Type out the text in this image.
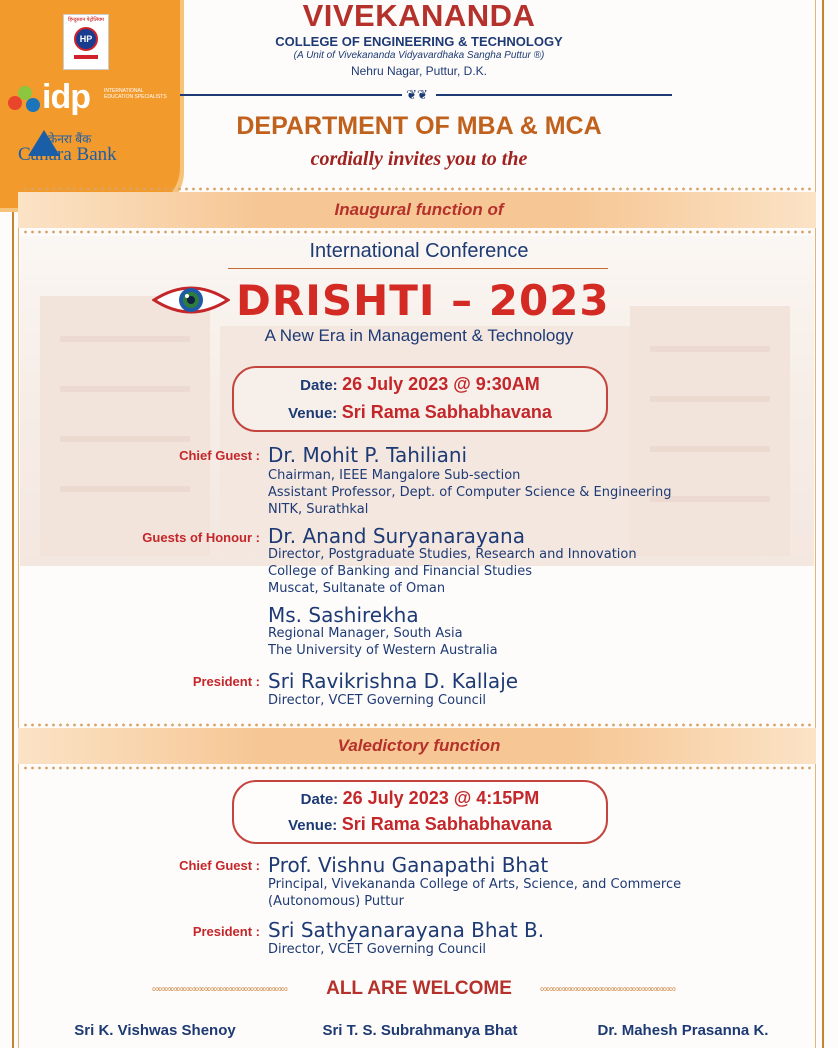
हिन्दुस्तान पेट्रोलियम
HP
idp	INTERNATIONAL EDUCATION SPECIALISTS
केनरा बैंक
Canara Bank
VIVEKANANDA
COLLEGE OF ENGINEERING & TECHNOLOGY
(A Unit of Vivekananda Vidyavardhaka Sangha Puttur ®)
Nehru Nagar, Puttur, D.K.
❦❦
DEPARTMENT OF MBA & MCA
cordially invites you to the
Inaugural function of
International Conference
DRISHTI – 2023
A New Era in Management & Technology
Date: 26 July 2023 @ 9:30AM
Venue: Sri Rama Sabhabhavana
Chief Guest : Dr. Mohit P. Tahiliani
Chairman, IEEE Mangalore Sub-section
Assistant Professor, Dept. of Computer Science & Engineering
NITK, Surathkal
Guests of Honour : Dr. Anand Suryanarayana
Director, Postgraduate Studies, Research and Innovation
College of Banking and Financial Studies
Muscat, Sultanate of Oman
Ms. Sashirekha
Regional Manager, South Asia
The University of Western Australia
President : Sri Ravikrishna D. Kallaje
Director, VCET Governing Council
Valedictory function
Date: 26 July 2023 @ 4:15PM
Venue: Sri Rama Sabhabhavana
Chief Guest : Prof. Vishnu Ganapathi Bhat
Principal, Vivekananda College of Arts, Science, and Commerce
(Autonomous) Puttur
President : Sri Sathyanarayana Bhat B.
Director, VCET Governing Council
∞∞∞∞∞∞∞∞∞∞∞∞∞∞∞∞∞∞∞∞∞∞	ALL ARE WELCOME	∞∞∞∞∞∞∞∞∞∞∞∞∞∞∞∞∞∞∞∞∞∞
Sri K. Vishwas Shenoy	Sri T. S. Subrahmanya Bhat	Dr. Mahesh Prasanna K.
